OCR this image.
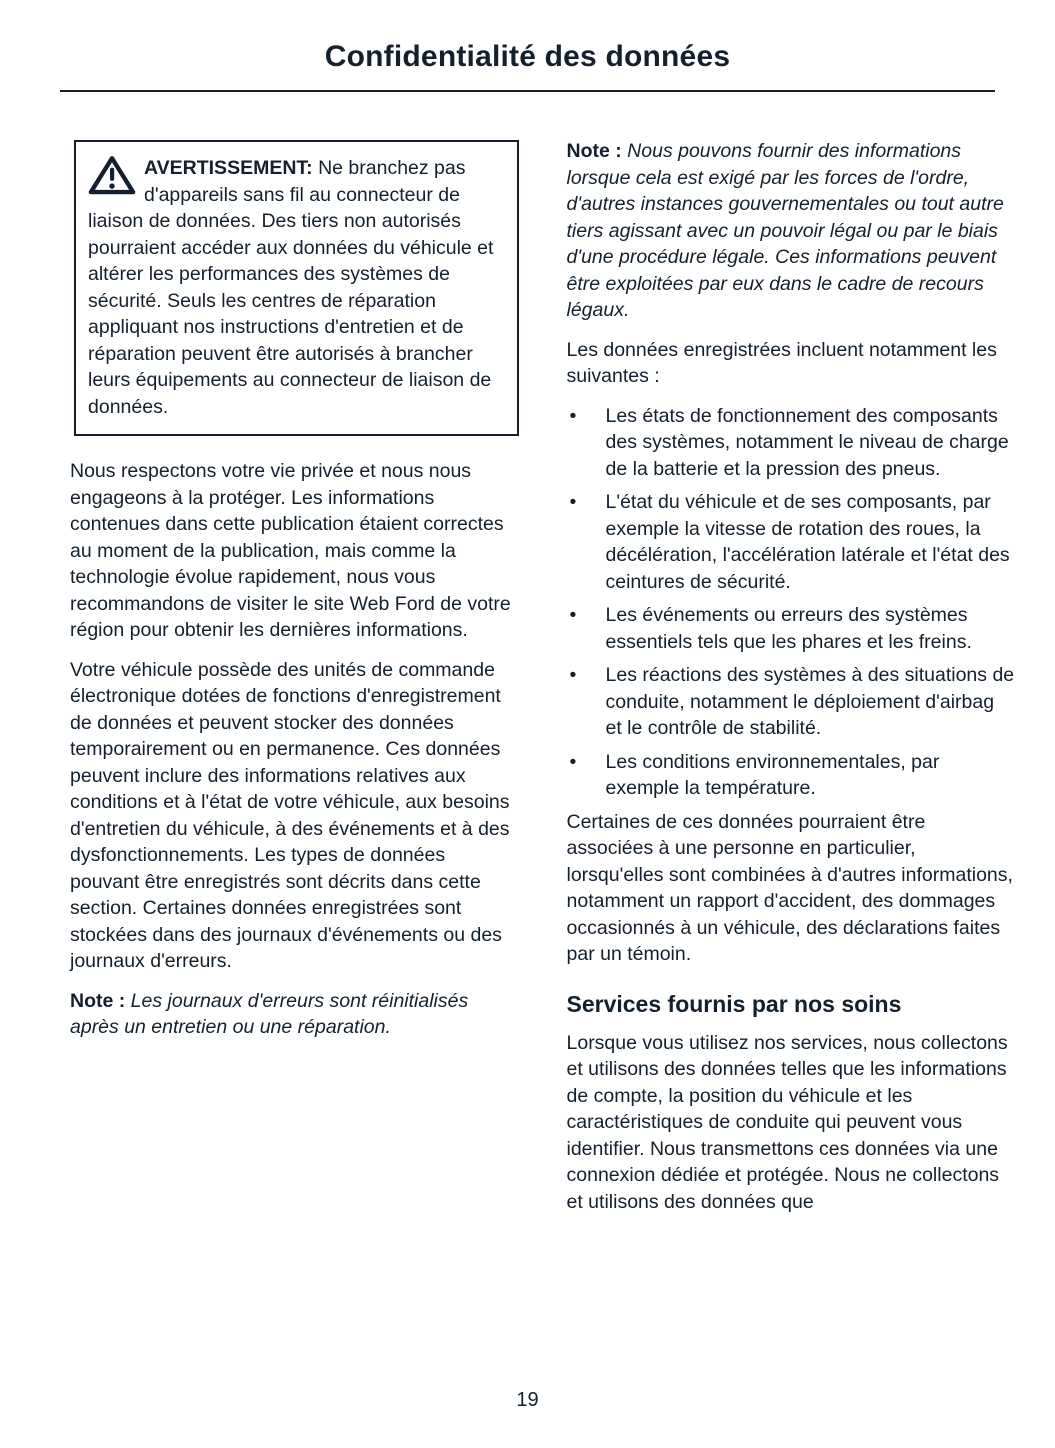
Confidentialité des données
AVERTISSEMENT: Ne branchez pas d'appareils sans fil au connecteur de liaison de données. Des tiers non autorisés pourraient accéder aux données du véhicule et altérer les performances des systèmes de sécurité. Seuls les centres de réparation appliquant nos instructions d'entretien et de réparation peuvent être autorisés à brancher leurs équipements au connecteur de liaison de données.

Nous respectons votre vie privée et nous nous engageons à la protéger. Les informations contenues dans cette publication étaient correctes au moment de la publication, mais comme la technologie évolue rapidement, nous vous recommandons de visiter le site Web Ford de votre région pour obtenir les dernières informations.

Votre véhicule possède des unités de commande électronique dotées de fonctions d'enregistrement de données et peuvent stocker des données temporairement ou en permanence. Ces données peuvent inclure des informations relatives aux conditions et à l'état de votre véhicule, aux besoins d'entretien du véhicule, à des événements et à des dysfonctionnements. Les types de données pouvant être enregistrés sont décrits dans cette section. Certaines données enregistrées sont stockées dans des journaux d'événements ou des journaux d'erreurs.

Note : Les journaux d'erreurs sont réinitialisés après un entretien ou une réparation.

Note : Nous pouvons fournir des informations lorsque cela est exigé par les forces de l'ordre, d'autres instances gouvernementales ou tout autre tiers agissant avec un pouvoir légal ou par le biais d'une procédure légale. Ces informations peuvent être exploitées par eux dans le cadre de recours légaux.

Les données enregistrées incluent notamment les suivantes :

•	Les états de fonctionnement des composants des systèmes, notamment le niveau de charge de la batterie et la pression des pneus.
•	L'état du véhicule et de ses composants, par exemple la vitesse de rotation des roues, la décélération, l'accélération latérale et l'état des ceintures de sécurité.
•	Les événements ou erreurs des systèmes essentiels tels que les phares et les freins.
•	Les réactions des systèmes à des situations de conduite, notamment le déploiement d'airbag et le contrôle de stabilité.
•	Les conditions environnementales, par exemple la température.

Certaines de ces données pourraient être associées à une personne en particulier, lorsqu'elles sont combinées à d'autres informations, notamment un rapport d'accident, des dommages occasionnés à un véhicule, des déclarations faites par un témoin.

Services fournis par nos soins

Lorsque vous utilisez nos services, nous collectons et utilisons des données telles que les informations de compte, la position du véhicule et les caractéristiques de conduite qui peuvent vous identifier. Nous transmettons ces données via une connexion dédiée et protégée. Nous ne collectons et utilisons des données que

19
